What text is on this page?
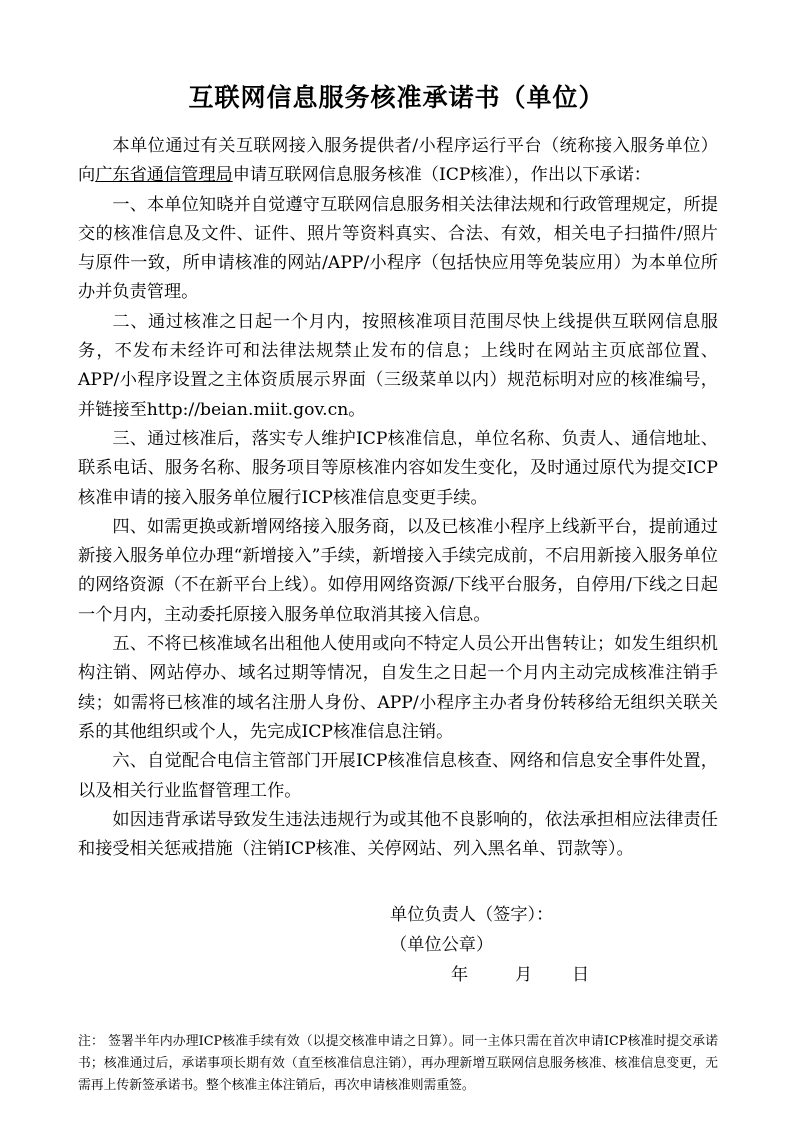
互联网信息服务核准承诺书（单位）

本单位通过有关互联网接入服务提供者/小程序运行平台（统称接入服务单位）向广东省通信管理局申请互联网信息服务核准（ICP核准），作出以下承诺：

一、本单位知晓并自觉遵守互联网信息服务相关法律法规和行政管理规定，所提交的核准信息及文件、证件、照片等资料真实、合法、有效，相关电子扫描件/照片与原件一致，所申请核准的网站/APP/小程序（包括快应用等免装应用）为本单位所办并负责管理。

二、通过核准之日起一个月内，按照核准项目范围尽快上线提供互联网信息服务，不发布未经许可和法律法规禁止发布的信息；上线时在网站主页底部位置、APP/小程序设置之主体资质展示界面（三级菜单以内）规范标明对应的核准编号，并链接至http://beian.miit.gov.cn。

三、通过核准后，落实专人维护ICP核准信息，单位名称、负责人、通信地址、联系电话、服务名称、服务项目等原核准内容如发生变化，及时通过原代为提交ICP核准申请的接入服务单位履行ICP核准信息变更手续。

四、如需更换或新增网络接入服务商，以及已核准小程序上线新平台，提前通过新接入服务单位办理“新增接入”手续，新增接入手续完成前，不启用新接入服务单位的网络资源（不在新平台上线）。如停用网络资源/下线平台服务，自停用/下线之日起一个月内，主动委托原接入服务单位取消其接入信息。

五、不将已核准域名出租他人使用或向不特定人员公开出售转让；如发生组织机构注销、网站停办、域名过期等情况，自发生之日起一个月内主动完成核准注销手续；如需将已核准的域名注册人身份、APP/小程序主办者身份转移给无组织关联关系的其他组织或个人，先完成ICP核准信息注销。

六、自觉配合电信主管部门开展ICP核准信息核查、网络和信息安全事件处置，以及相关行业监督管理工作。

如因违背承诺导致发生违法违规行为或其他不良影响的，依法承担相应法律责任和接受相关惩戒措施（注销ICP核准、关停网站、列入黑名单、罚款等）。

单位负责人（签字）：
（单位公章）
年	月 日
注： 签署半年内办理ICP核准手续有效（以提交核准申请之日算）。同一主体只需在首次申请ICP核准时提交承诺书；核准通过后，承诺事项长期有效（直至核准信息注销），再办理新增互联网信息服务核准、核准信息变更，无需再上传新签承诺书。整个核准主体注销后，再次申请核准则需重签。
